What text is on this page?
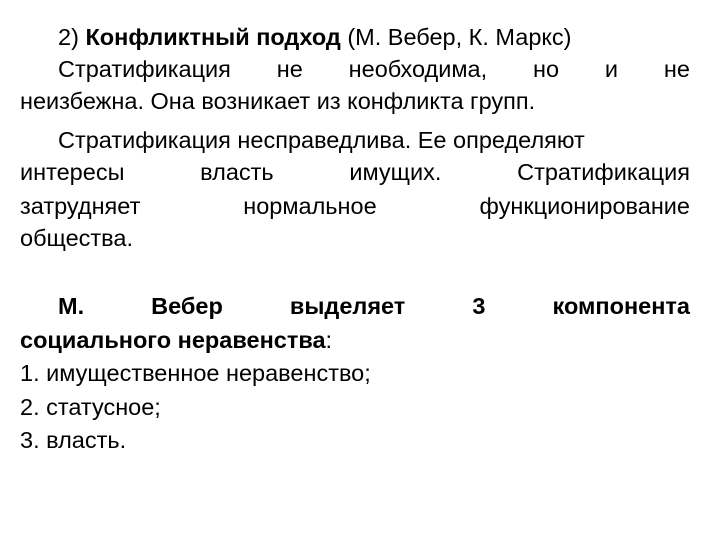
2) Конфликтный подход (М. Вебер, К. Маркс)
Стратификация не необходима, но и не
неизбежна. Она возникает из конфликта групп.
Стратификация несправедлива. Ее определяют
интересы	власть	имущих.	Стратификация
затрудняет	нормальное	функционирование
общества.
М.	Вебер	выделяет	3	компонента
социального неравенства:
1. имущественное неравенство;
2. статусное;
3. власть.
